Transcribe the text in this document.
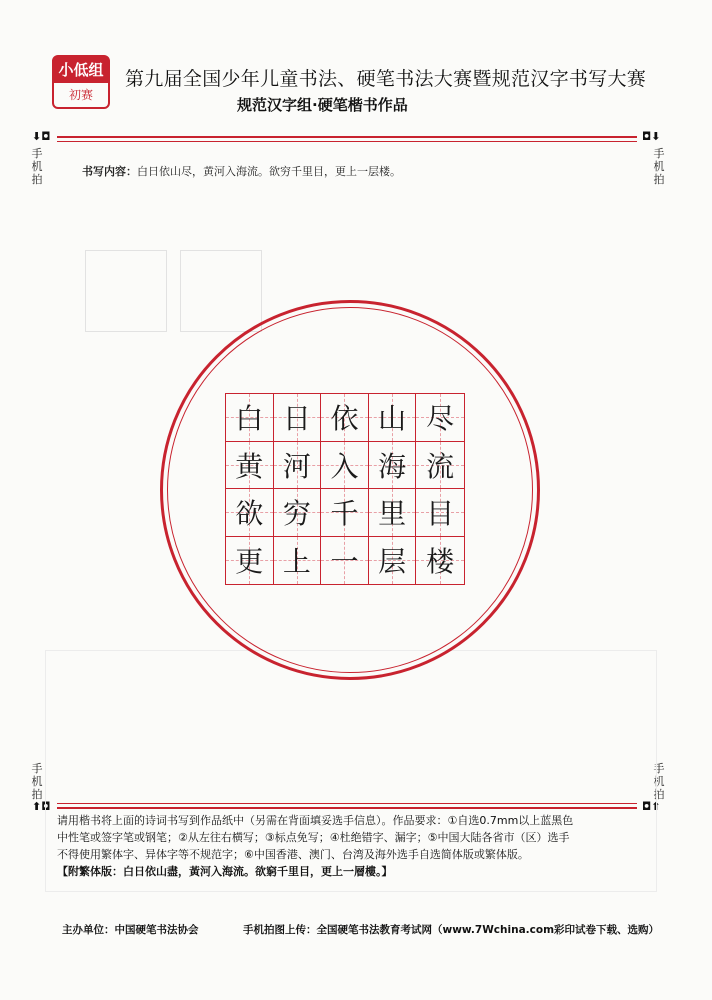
小低组
初赛
第九届全国少年儿童书法、硬笔书法大赛暨规范汉字书写大赛
规范汉字组·硬笔楷书作品
⬇◘	◘⬇
手机拍
手机拍
手机拍
手机拍
⬆◘	◘⬆
书写内容：白日依山尽，黄河入海流。欲穷千里目，更上一层楼。
白 日 依 山 尽
黄 河 入 海 流
欲 穷 千 里 目
更 上 一 层 楼
请用楷书将上面的诗词书写到作品纸中（另需在背面填妥选手信息）。作品要求：①自选0.7mm以上蓝黑色
中性笔或签字笔或钢笔；②从左往右横写；③标点免写；④杜绝错字、漏字；⑤中国大陆各省市（区）选手
不得使用繁体字、异体字等不规范字；⑥中国香港、澳门、台湾及海外选手自选简体版或繁体版。
【附繁体版：白日依山盡，黃河入海流。欲窮千里目，更上一層樓。】
主办单位：中国硬笔书法协会	手机拍图上传：全国硬笔书法教育考试网（www.7Wchina.com彩印试卷下载、选购）
